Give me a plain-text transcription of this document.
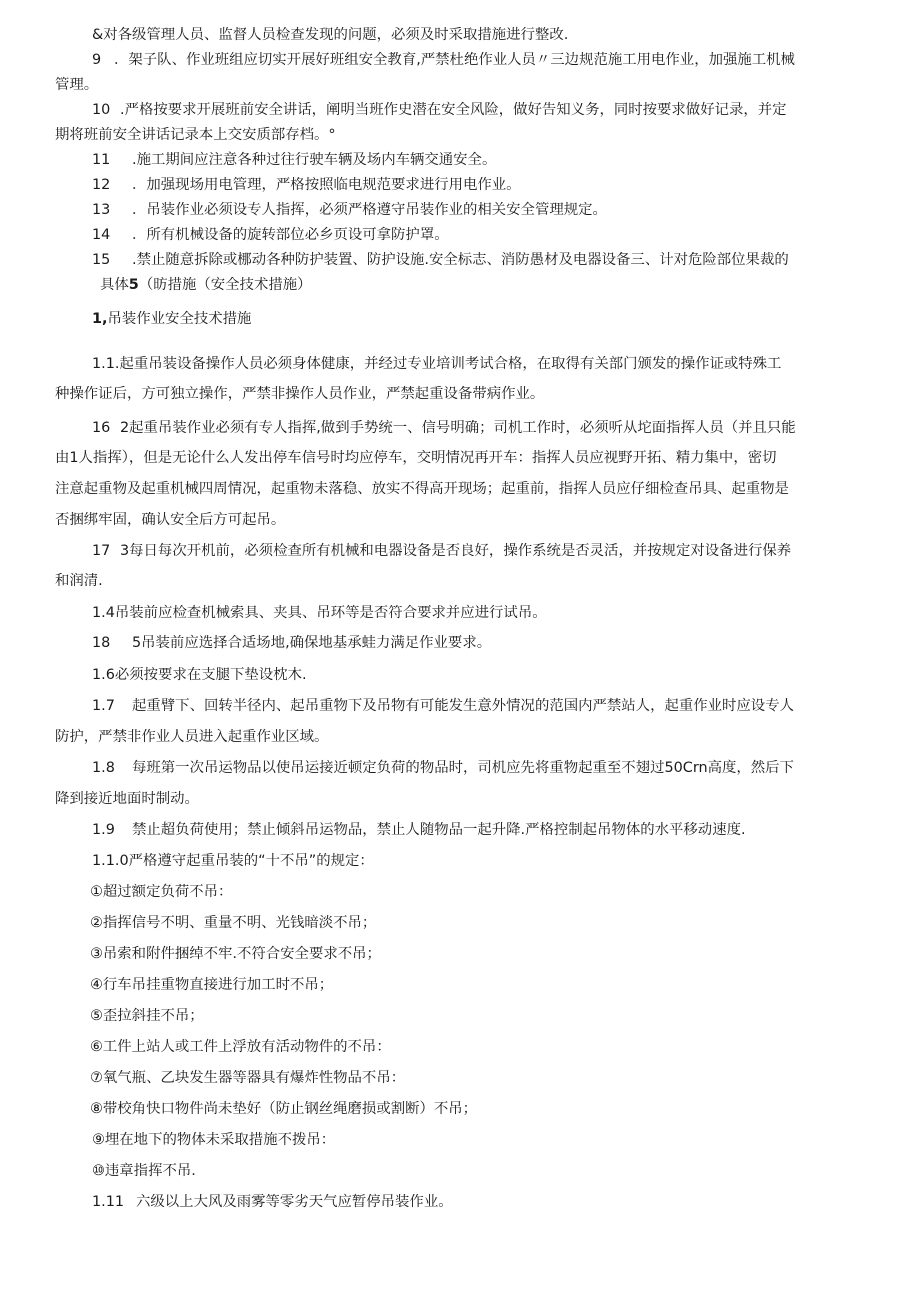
&对各级管理人员、监督人员检查发现的问题，必须及时采取措施进行整改.
9 ．架子队、作业班组应切实开展好班组安全教育,严禁杜绝作业人员〃三边规范施工用电作业，加强施工机械
管理。
10 .严格按要求开展班前安全讲话，阐明当班作史潜在安全风险，做好告知义务，同时按要求做好记录，并定
期将班前安全讲话记录本上交安质部存档。°
11 .施工期间应注意各种过往行驶车辆及场内车辆交通安全。
12 ．加强现场用电管理，严格按照临电规范要求进行用电作业。
13 ．吊装作业必须设专人指挥，必须严格遵守吊装作业的相关安全管理规定。
14 ．所有机械设备的旋转部位必乡页设可拿防护罩。
15 .禁止随意拆除或梛动各种防护装置、防护设施.安全标志、消防愚材及电器设备三、计对危险部位果裁的
具体5（昉措施（安全技术措施）
1,吊装作业安全技术措施
1.1.起重吊装设备操作人员必须身体健康，并经过专业培训考试合格，在取得有关部门颁发的操作证或特殊工
种操作证后，方可独立操作，严禁非操作人员作业，严禁起重设备带病作业。
16 2起重吊装作业必须有专人指挥,做到手势统一、信号明确；司机工作时，必须听从坨面指挥人员（并且只能
由1人指挥），但是无论什么人发出停车信号时均应停车，交明情况再开车：指挥人员应视野开拓、精力集中，密切
注意起重物及起重机械四周情况，起重物未落稳、放实不得高开现场；起重前，指挥人员应仔细检查吊具、起重物是
否捆绑牢固，确认安全后方可起吊。
17 3每日每次开机前，必须检查所有机械和电器设备是否良好，操作系统是否灵活，并按规定对设备进行保养
和润清.
1.4吊装前应检查机械索具、夹具、吊环等是否符合要求并应进行试吊。
18 5吊装前应选择合适场地,确保地基承蛙力满足作业要求。
1.6必须按要求在支腿下垫设枕木.
1.7 起重臂下、回转半径内、起吊重物下及吊物有可能发生意外情况的范国内严禁站人，起重作业时应设专人
防护，严禁非作业人员进入起重作业区域。
1.8 每班第一次吊运物品以使吊运接近顿定负荷的物品时，司机应先将重物起重至不翅过50Crn高度，然后下
降到接近地面时制动。
1.9 禁止超负荷使用；禁止倾斜吊运物品，禁止人随物品一起升降.严格控制起吊物体的水平移动速度.
1.1.0严格遵守起重吊装的“十不吊”的规定：
①超过额定负荷不吊：
②指挥信号不明、重量不明、光钱暗淡不吊；
③吊索和附件捆绰不牢.不符合安全要求不吊；
④行车吊挂重物直接进行加工时不吊；
⑤歪拉斜挂不吊；
⑥工件上站人或工件上浮放有活动物件的不吊：
⑦氧气瓶、乙块发生器等器具有爆炸性物品不吊：
⑧带校角快口物件尚未垫好（防止钢丝绳磨损或割断）不吊；
⑨埋在地下的物体未采取措施不拨吊：
⑩违章指挥不吊.
1.11 六级以上大风及雨雾等零劣天气应暂停吊装作业。
